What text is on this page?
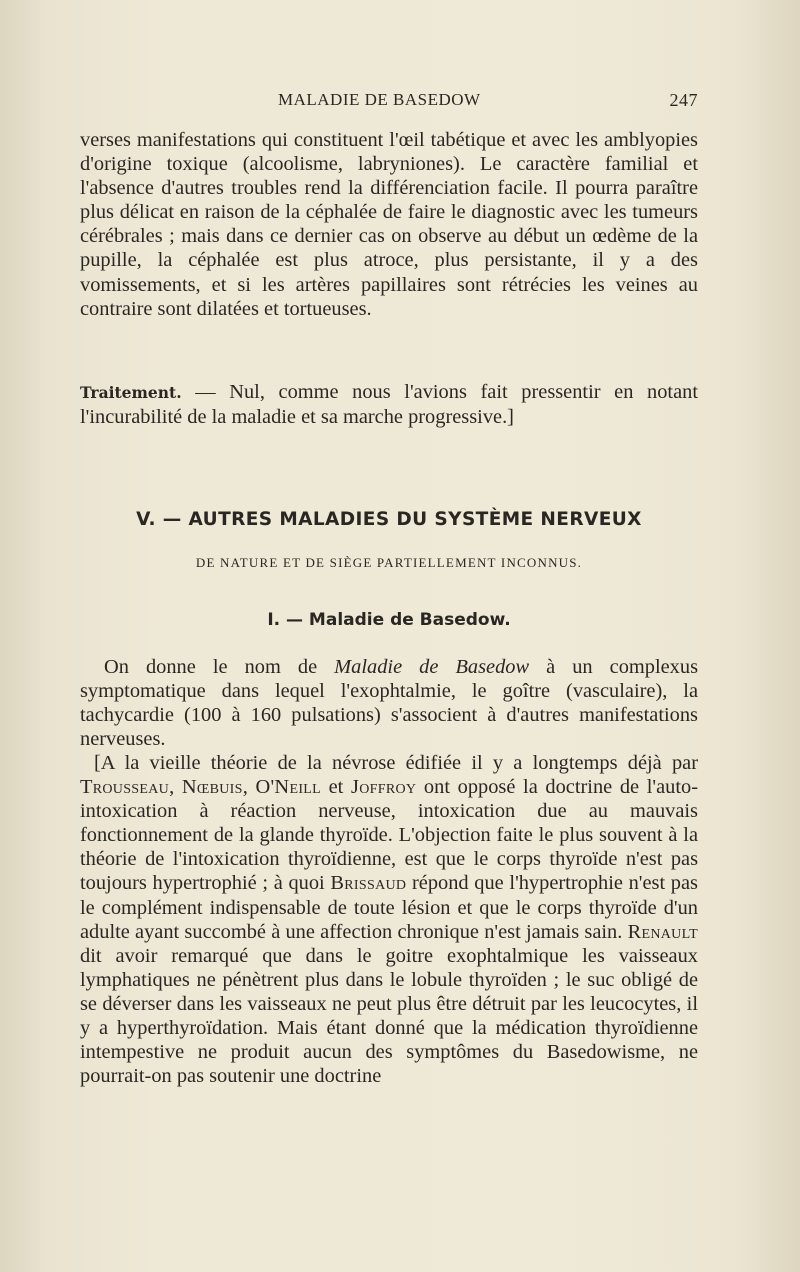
MALADIE DE BASEDOW	247
verses manifestations qui constituent l'œil tabétique et avec les amblyopies d'origine toxique (alcoolisme, labryniones). Le caractère familial et l'absence d'autres troubles rend la différenciation facile. Il pourra paraître plus délicat en raison de la céphalée de faire le diagnostic avec les tumeurs cérébrales ; mais dans ce dernier cas on observe au début un œdème de la pupille, la céphalée est plus atroce, plus persistante, il y a des vomissements, et si les artères papillaires sont rétrécies les veines au contraire sont dilatées et tortueuses.
Traitement. — Nul, comme nous l'avions fait pressentir en notant l'incurabilité de la maladie et sa marche progressive.]
V. — AUTRES MALADIES DU SYSTÈME NERVEUX
DE NATURE ET DE SIÈGE PARTIELLEMENT INCONNUS.
I. — Maladie de Basedow.
On donne le nom de Maladie de Basedow à un complexus symptomatique dans lequel l'exophtalmie, le goître (vasculaire), la tachycardie (100 à 160 pulsations) s'associent à d'autres manifestations nerveuses.
[A la vieille théorie de la névrose édifiée il y a longtemps déjà par Trousseau, Nœbuis, O'Neill et Joffroy ont opposé la doctrine de l'auto-intoxication à réaction nerveuse, intoxication due au mauvais fonctionnement de la glande thyroïde. L'objection faite le plus souvent à la théorie de l'intoxication thyroïdienne, est que le corps thyroïde n'est pas toujours hypertrophié ; à quoi Brissaud répond que l'hypertrophie n'est pas le complément indispensable de toute lésion et que le corps thyroïde d'un adulte ayant succombé à une affection chronique n'est jamais sain. Renault dit avoir remarqué que dans le goitre exophtalmique les vaisseaux lymphatiques ne pénètrent plus dans le lobule thyroïden ; le suc obligé de se déverser dans les vaisseaux ne peut plus être détruit par les leucocytes, il y a hyperthyroïdation. Mais étant donné que la médication thyroïdienne intempestive ne produit aucun des symptômes du Basedowisme, ne pourrait-on pas soutenir une doctrine
